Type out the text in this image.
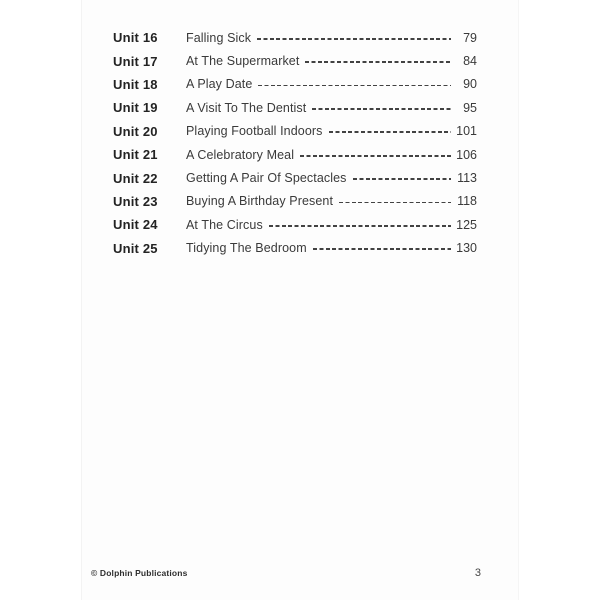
Unit 16	Falling Sick	79
Unit 17	At The Supermarket	84
Unit 18	A Play Date	90
Unit 19	A Visit To The Dentist	95
Unit 20	Playing Football Indoors	101
Unit 21	A Celebratory Meal	106
Unit 22	Getting A Pair Of Spectacles	113
Unit 23	Buying A Birthday Present	118
Unit 24	At The Circus	125
Unit 25	Tidying The Bedroom	130
© Dolphin Publications	3
